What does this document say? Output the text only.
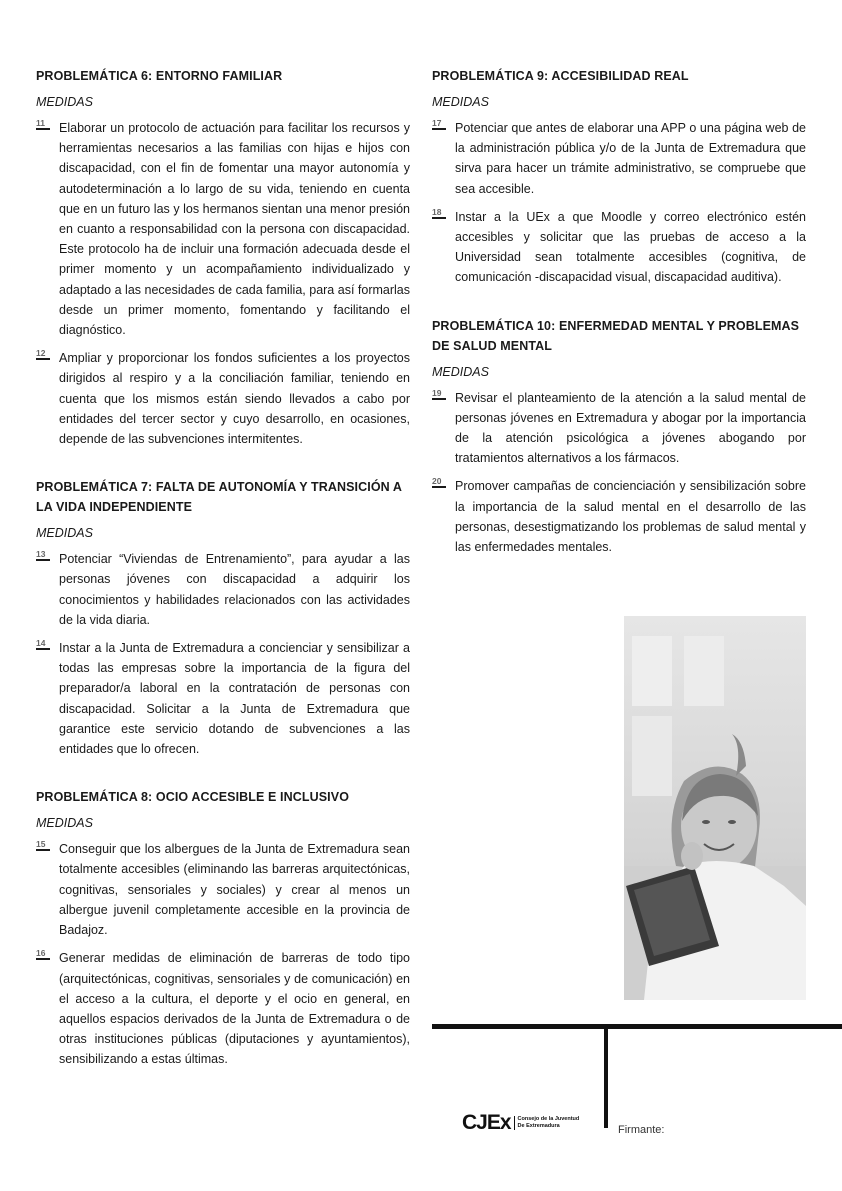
PROBLEMÁTICA 6: ENTORNO FAMILIAR

MEDIDAS

11	Elaborar un protocolo de actuación para facilitar los recursos y herramientas necesarios a las familias con hijas e hijos con discapacidad, con el fin de fomentar una mayor autonomía y autodeterminación a lo largo de su vida, teniendo en cuenta que en un futuro las y los hermanos sientan una menor presión en cuanto a responsabilidad con la persona con discapacidad. Este protocolo ha de incluir una formación adecuada desde el primer momento y un acompañamiento individualizado y adaptado a las necesidades de cada familia, para así formarlas desde un primer momento, fomentando y facilitando el diagnóstico.

12	Ampliar y proporcionar los fondos suficientes a los proyectos dirigidos al respiro y a la conciliación familiar, teniendo en cuenta que los mismos están siendo llevados a cabo por entidades del tercer sector y cuyo desarrollo, en ocasiones, depende de las subvenciones intermitentes.

PROBLEMÁTICA 7: FALTA DE AUTONOMÍA Y TRANSICIÓN A LA VIDA INDEPENDIENTE

MEDIDAS

13	Potenciar “Viviendas de Entrenamiento”, para ayudar a las personas jóvenes con discapacidad a adquirir los conocimientos y habilidades relacionados con las actividades de la vida diaria.

14	Instar a la Junta de Extremadura a concienciar y sensibilizar a todas las empresas sobre la importancia de la figura del preparador/a laboral en la contratación de personas con discapacidad. Solicitar a la Junta de Extremadura que garantice este servicio dotando de subvenciones a las entidades que lo ofrecen.

PROBLEMÁTICA 8: OCIO ACCESIBLE E INCLUSIVO

MEDIDAS

15	Conseguir que los albergues de la Junta de Extremadura sean totalmente accesibles (eliminando las barreras arquitectónicas, cognitivas, sensoriales y sociales) y crear al menos un albergue juvenil completamente accesible en la provincia de Badajoz.

16	Generar medidas de eliminación de barreras de todo tipo (arquitectónicas, cognitivas, sensoriales y de comunicación) en el acceso a la cultura, el deporte y el ocio en general, en aquellos espacios derivados de la Junta de Extremadura o de otras instituciones públicas (diputaciones y ayuntamientos), sensibilizando a estas últimas.

PROBLEMÁTICA 9: ACCESIBILIDAD REAL

MEDIDAS

17	Potenciar que antes de elaborar una APP o una página web de la administración pública y/o de la Junta de Extremadura que sirva para hacer un trámite administrativo, se compruebe que sea accesible.

18	Instar a la UEx a que Moodle y correo electrónico estén accesibles y solicitar que las pruebas de acceso a la Universidad sean totalmente accesibles (cognitiva, de comunicación -discapacidad visual, discapacidad auditiva).

PROBLEMÁTICA 10: ENFERMEDAD MENTAL Y PROBLEMAS DE SALUD MENTAL

MEDIDAS

19	Revisar el planteamiento de la atención a la salud mental de personas jóvenes en Extremadura y abogar por la importancia de la atención psicológica a jóvenes abogando por tratamientos alternativos a los fármacos.

20	Promover campañas de concienciación y sensibilización sobre la importancia de la salud mental en el desarrollo de las personas, desestigmatizando los problemas de salud mental y las enfermedades mentales.

CJEx	Consejo de la Juventud
De Extremadura	Firmante:
